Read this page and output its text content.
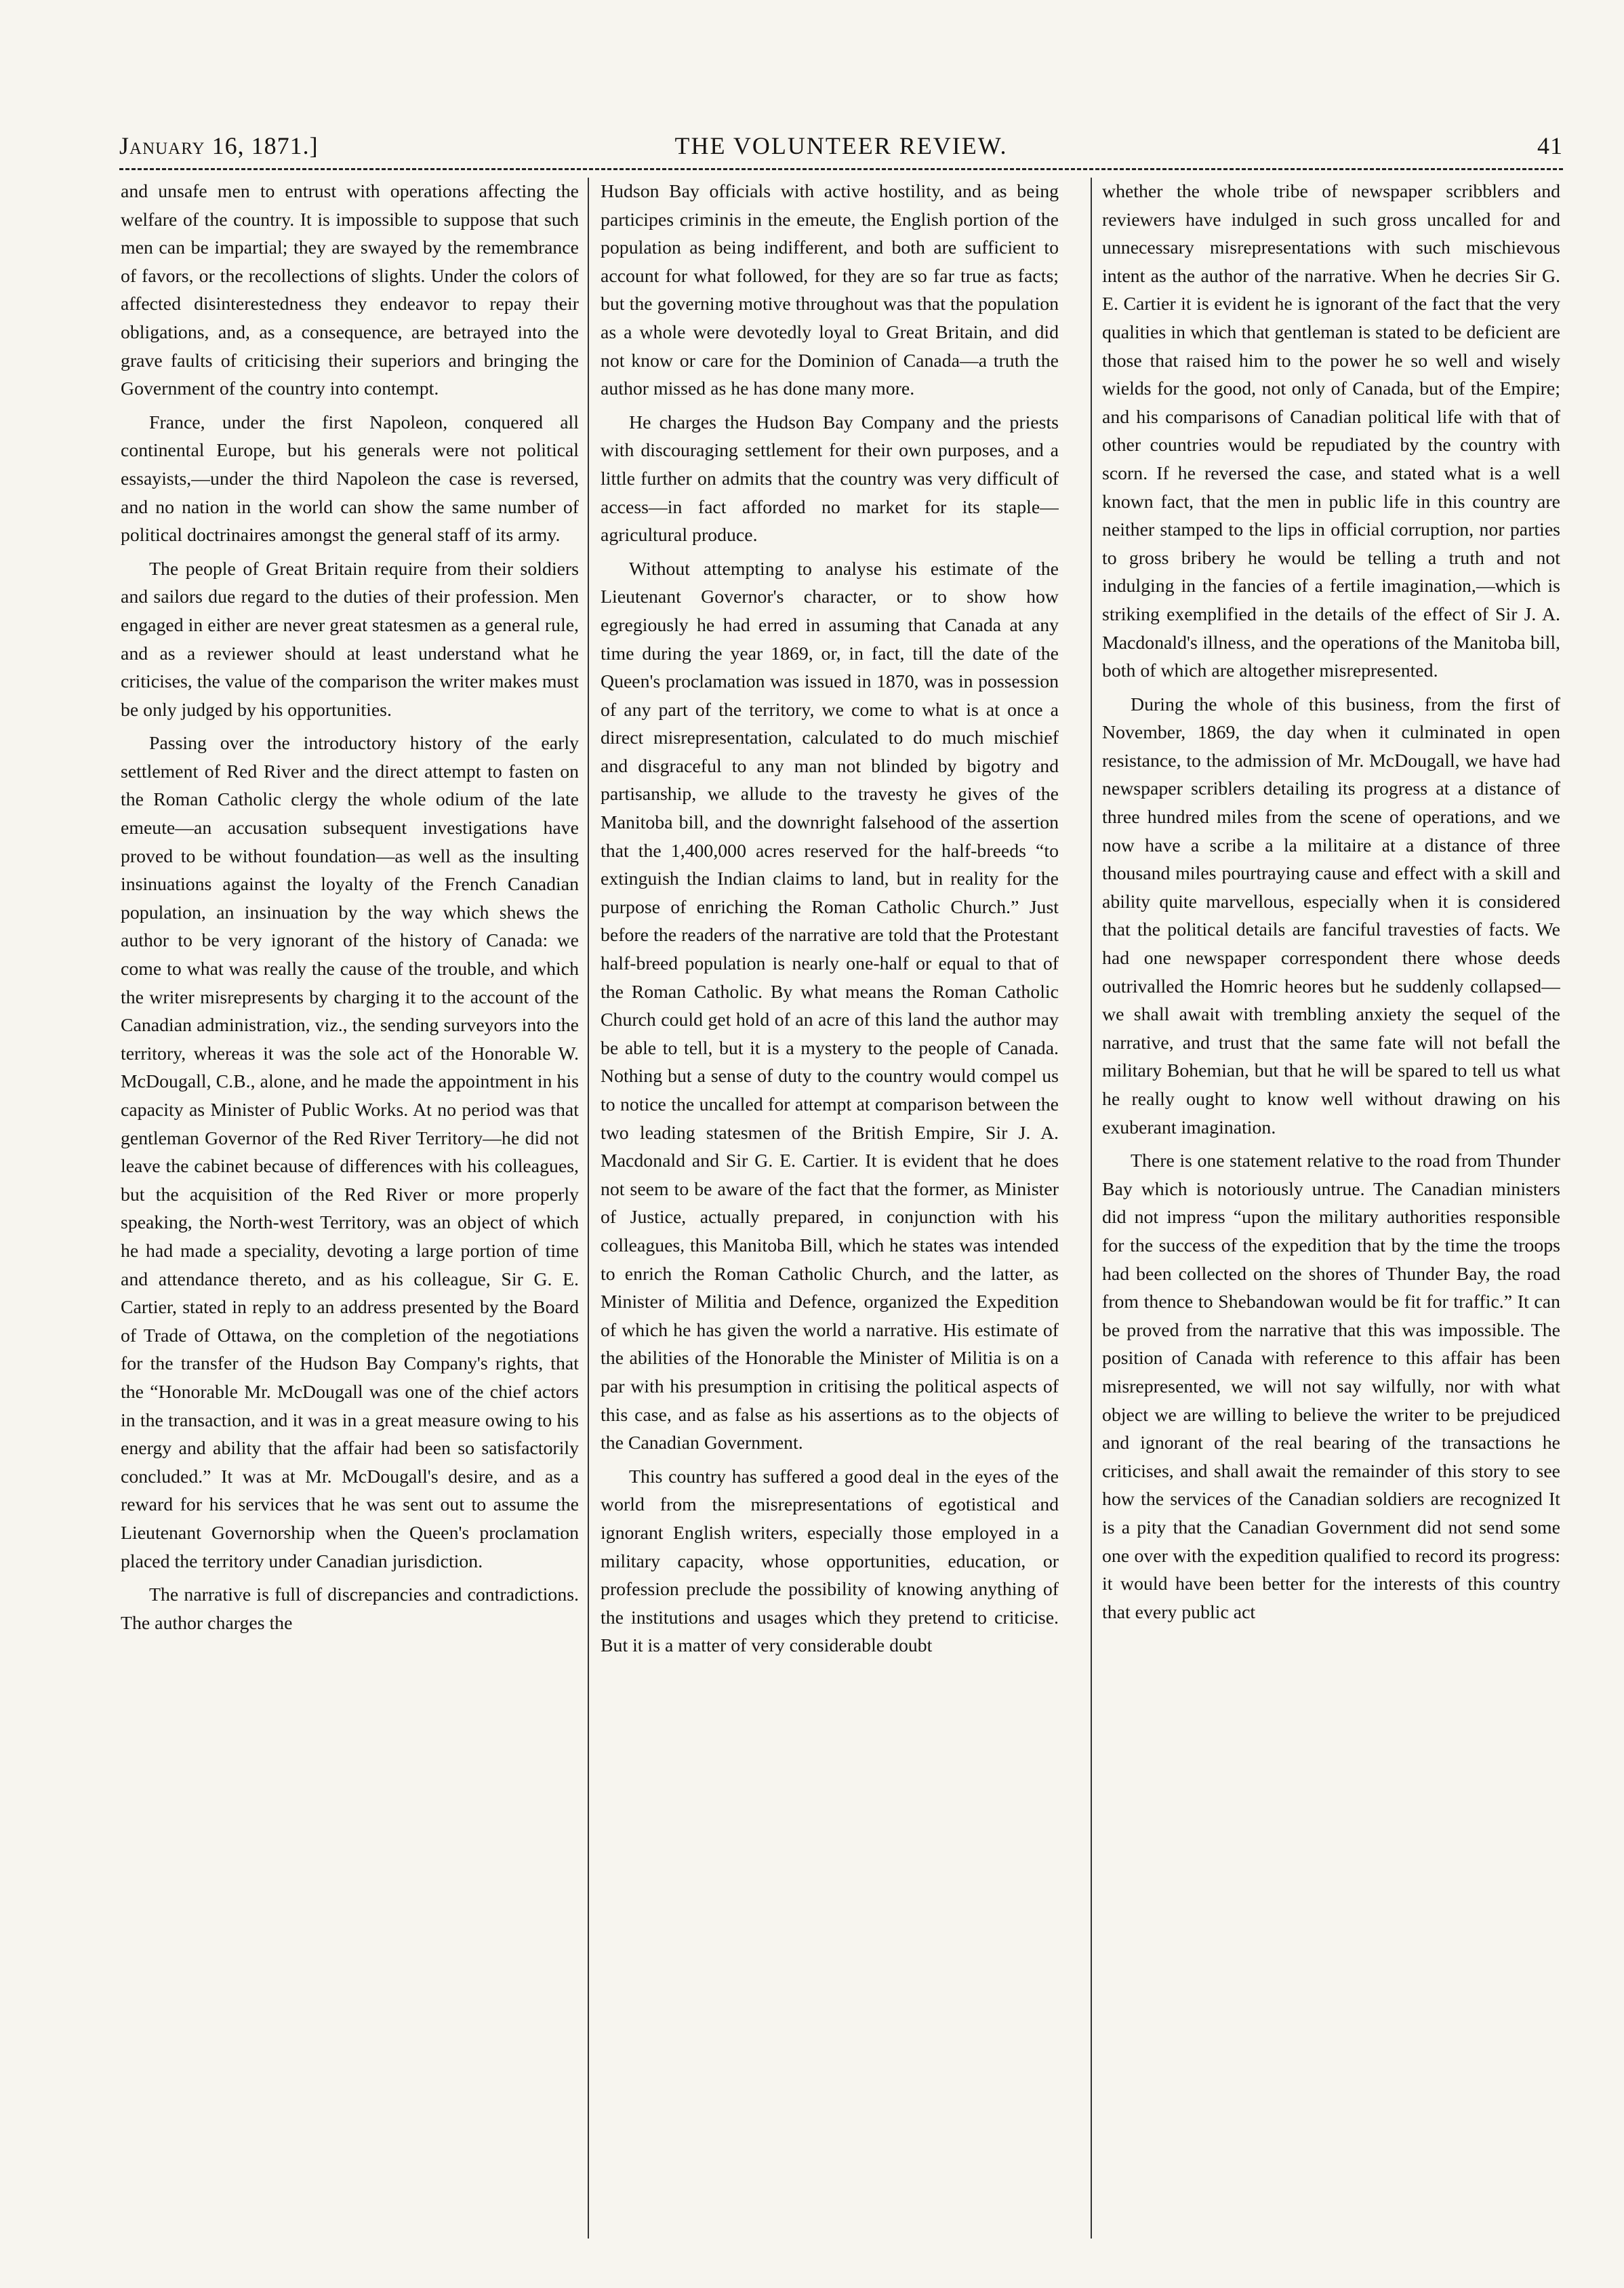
January 16, 1871.]	THE VOLUNTEER REVIEW.	41

and unsafe men to entrust with operations affecting the welfare of the country. It is impossible to suppose that such men can be impartial; they are swayed by the remembrance of favors, or the recollections of slights. Under the colors of affected disinterestedness they endeavor to repay their obligations, and, as a consequence, are betrayed into the grave faults of criticising their superiors and bringing the Government of the country into contempt.

France, under the first Napoleon, conquered all continental Europe, but his generals were not political essayists,—under the third Napoleon the case is reversed, and no nation in the world can show the same number of political doctrinaires amongst the general staff of its army.

The people of Great Britain require from their soldiers and sailors due regard to the duties of their profession. Men engaged in either are never great statesmen as a general rule, and as a reviewer should at least understand what he criticises, the value of the comparison the writer makes must be only judged by his opportunities.

Passing over the introductory history of the early settlement of Red River and the direct attempt to fasten on the Roman Catholic clergy the whole odium of the late emeute—an accusation subsequent investigations have proved to be without foundation—as well as the insulting insinuations against the loyalty of the French Canadian population, an insinuation by the way which shews the author to be very ignorant of the history of Canada: we come to what was really the cause of the trouble, and which the writer misrepresents by charging it to the account of the Canadian administration, viz., the sending surveyors into the territory, whereas it was the sole act of the Honorable W. McDougall, C.B., alone, and he made the appointment in his capacity as Minister of Public Works. At no period was that gentleman Governor of the Red River Territory—he did not leave the cabinet because of differences with his colleagues, but the acquisition of the Red River or more properly speaking, the North-west Territory, was an object of which he had made a speciality, devoting a large portion of time and attendance thereto, and as his colleague, Sir G. E. Cartier, stated in reply to an address presented by the Board of Trade of Ottawa, on the completion of the negotiations for the transfer of the Hudson Bay Company's rights, that the “Honorable Mr. McDougall was one of the chief actors in the transaction, and it was in a great measure owing to his energy and ability that the affair had been so satisfactorily concluded.” It was at Mr. McDougall's desire, and as a reward for his services that he was sent out to assume the Lieutenant Governorship when the Queen's proclamation placed the territory under Canadian jurisdiction.

The narrative is full of discrepancies and contradictions. The author charges the

Hudson Bay officials with active hostility, and as being participes criminis in the emeute, the English portion of the population as being indifferent, and both are sufficient to account for what followed, for they are so far true as facts; but the governing motive throughout was that the population as a whole were devotedly loyal to Great Britain, and did not know or care for the Dominion of Canada—a truth the author missed as he has done many more.

He charges the Hudson Bay Company and the priests with discouraging settlement for their own purposes, and a little further on admits that the country was very difficult of access—in fact afforded no market for its staple—agricultural produce.

Without attempting to analyse his estimate of the Lieutenant Governor's character, or to show how egregiously he had erred in assuming that Canada at any time during the year 1869, or, in fact, till the date of the Queen's proclamation was issued in 1870, was in possession of any part of the territory, we come to what is at once a direct misrepresentation, calculated to do much mischief and disgraceful to any man not blinded by bigotry and partisanship, we allude to the travesty he gives of the Manitoba bill, and the downright falsehood of the assertion that the 1,400,000 acres reserved for the half-breeds “to extinguish the Indian claims to land, but in reality for the purpose of enriching the Roman Catholic Church.” Just before the readers of the narrative are told that the Protestant half-breed population is nearly one-half or equal to that of the Roman Catholic. By what means the Roman Catholic Church could get hold of an acre of this land the author may be able to tell, but it is a mystery to the people of Canada. Nothing but a sense of duty to the country would compel us to notice the uncalled for attempt at comparison between the two leading statesmen of the British Empire, Sir J. A. Macdonald and Sir G. E. Cartier. It is evident that he does not seem to be aware of the fact that the former, as Minister of Justice, actually prepared, in conjunction with his colleagues, this Manitoba Bill, which he states was intended to enrich the Roman Catholic Church, and the latter, as Minister of Militia and Defence, organized the Expedition of which he has given the world a narrative. His estimate of the abilities of the Honorable the Minister of Militia is on a par with his presumption in critising the political aspects of this case, and as false as his assertions as to the objects of the Canadian Government.

This country has suffered a good deal in the eyes of the world from the misrepresentations of egotistical and ignorant English writers, especially those employed in a military capacity, whose opportunities, education, or profession preclude the possibility of knowing anything of the institutions and usages which they pretend to criticise. But it is a matter of very considerable doubt

whether the whole tribe of newspaper scribblers and reviewers have indulged in such gross uncalled for and unnecessary misrepresentations with such mischievous intent as the author of the narrative. When he decries Sir G. E. Cartier it is evident he is ignorant of the fact that the very qualities in which that gentleman is stated to be deficient are those that raised him to the power he so well and wisely wields for the good, not only of Canada, but of the Empire; and his comparisons of Canadian political life with that of other countries would be repudiated by the country with scorn. If he reversed the case, and stated what is a well known fact, that the men in public life in this country are neither stamped to the lips in official corruption, nor parties to gross bribery he would be telling a truth and not indulging in the fancies of a fertile imagination,—which is striking exemplified in the details of the effect of Sir J. A. Macdonald's illness, and the operations of the Manitoba bill, both of which are altogether misrepresented.

During the whole of this business, from the first of November, 1869, the day when it culminated in open resistance, to the admission of Mr. McDougall, we have had newspaper scriblers detailing its progress at a distance of three hundred miles from the scene of operations, and we now have a scribe a la militaire at a distance of three thousand miles pourtraying cause and effect with a skill and ability quite marvellous, especially when it is considered that the political details are fanciful travesties of facts. We had one newspaper correspondent there whose deeds outrivalled the Homric heores but he suddenly collapsed—we shall await with trembling anxiety the sequel of the narrative, and trust that the same fate will not befall the military Bohemian, but that he will be spared to tell us what he really ought to know well without drawing on his exuberant imagination.

There is one statement relative to the road from Thunder Bay which is notoriously untrue. The Canadian ministers did not impress “upon the military authorities responsible for the success of the expedition that by the time the troops had been collected on the shores of Thunder Bay, the road from thence to Shebandowan would be fit for traffic.” It can be proved from the narrative that this was impossible. The position of Canada with reference to this affair has been misrepresented, we will not say wilfully, nor with what object we are willing to believe the writer to be prejudiced and ignorant of the real bearing of the transactions he criticises, and shall await the remainder of this story to see how the services of the Canadian soldiers are recognized It is a pity that the Canadian Government did not send some one over with the expedition qualified to record its progress: it would have been better for the interests of this country that every public act
